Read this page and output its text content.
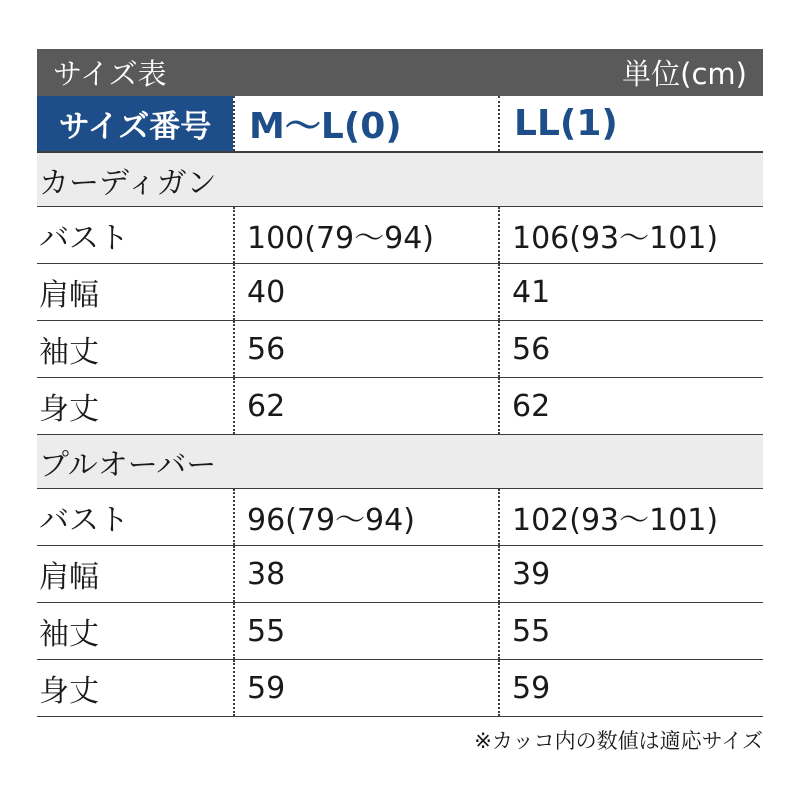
サイズ表	単位(cm)
サイズ番号	M〜L(0)	LL(1)
カーディガン
バスト	100(79〜94)	106(93〜101)
肩幅	40	41
袖丈	56	56
身丈	62	62
プルオーバー
バスト	96(79〜94)	102(93〜101)
肩幅	38	39
袖丈	55	55
身丈	59	59
※カッコ内の数値は適応サイズ
